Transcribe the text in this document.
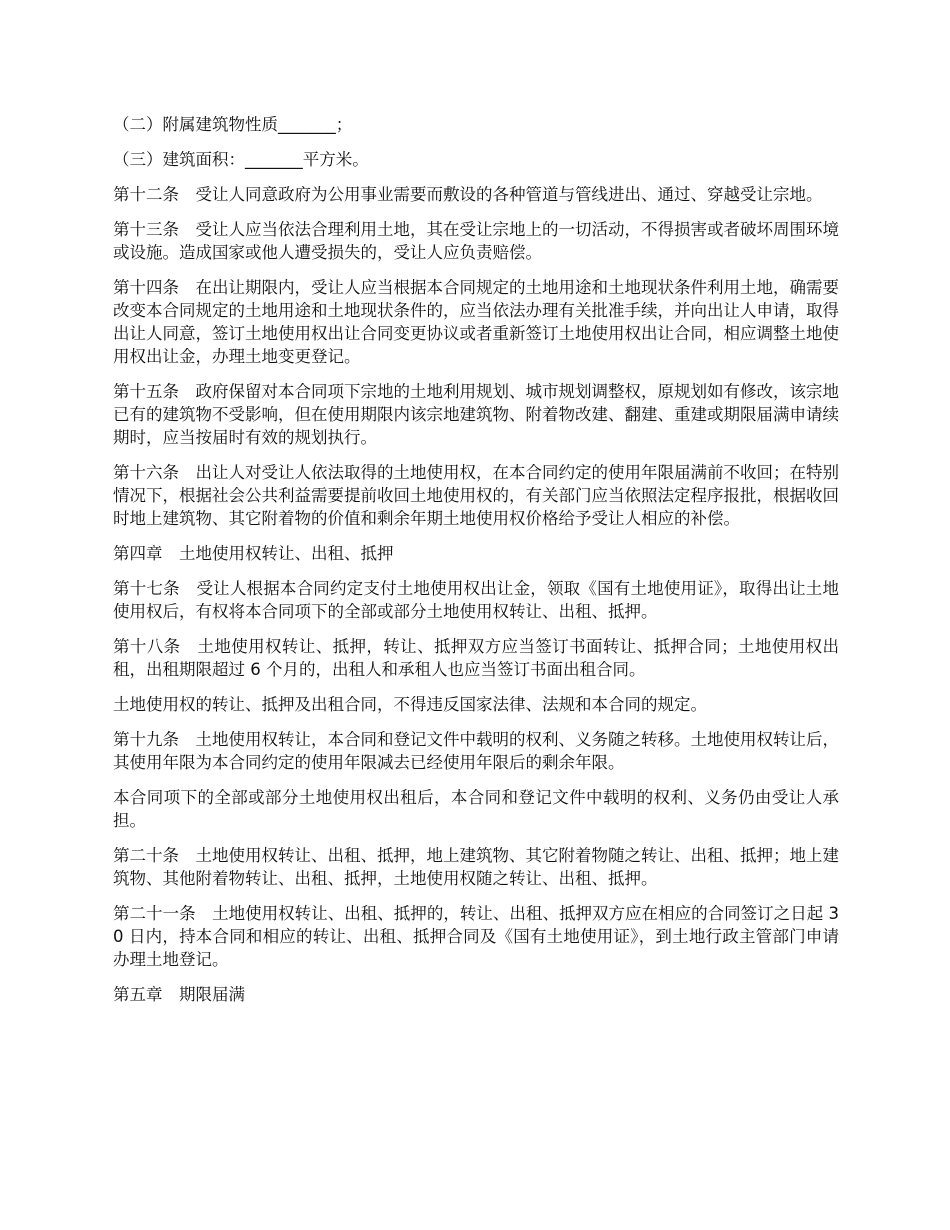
（二）附属建筑物性质_______；

（三）建筑面积：_______平方米。

第十二条　受让人同意政府为公用事业需要而敷设的各种管道与管线进出、通过、穿越受让宗地。

第十三条　受让人应当依法合理利用土地，其在受让宗地上的一切活动，不得损害或者破坏周围环境或设施。造成国家或他人遭受损失的，受让人应负责赔偿。

第十四条　在出让期限内，受让人应当根据本合同规定的土地用途和土地现状条件利用土地，确需要改变本合同规定的土地用途和土地现状条件的，应当依法办理有关批准手续，并向出让人申请，取得出让人同意，签订土地使用权出让合同变更协议或者重新签订土地使用权出让合同，相应调整土地使用权出让金，办理土地变更登记。

第十五条　政府保留对本合同项下宗地的土地利用规划、城市规划调整权，原规划如有修改，该宗地已有的建筑物不受影响，但在使用期限内该宗地建筑物、附着物改建、翻建、重建或期限届满申请续期时，应当按届时有效的规划执行。

第十六条　出让人对受让人依法取得的土地使用权，在本合同约定的使用年限届满前不收回；在特别情况下，根据社会公共利益需要提前收回土地使用权的，有关部门应当依照法定程序报批，根据收回时地上建筑物、其它附着物的价值和剩余年期土地使用权价格给予受让人相应的补偿。

第四章　土地使用权转让、出租、抵押

第十七条　受让人根据本合同约定支付土地使用权出让金，领取《国有土地使用证》，取得出让土地使用权后，有权将本合同项下的全部或部分土地使用权转让、出租、抵押。

第十八条　土地使用权转让、抵押，转让、抵押双方应当签订书面转让、抵押合同；土地使用权出租，出租期限超过 6 个月的，出租人和承租人也应当签订书面出租合同。

土地使用权的转让、抵押及出租合同，不得违反国家法律、法规和本合同的规定。

第十九条　土地使用权转让，本合同和登记文件中载明的权利、义务随之转移。土地使用权转让后，其使用年限为本合同约定的使用年限减去已经使用年限后的剩余年限。

本合同项下的全部或部分土地使用权出租后，本合同和登记文件中载明的权利、义务仍由受让人承担。

第二十条　土地使用权转让、出租、抵押，地上建筑物、其它附着物随之转让、出租、抵押；地上建筑物、其他附着物转让、出租、抵押，土地使用权随之转让、出租、抵押。

第二十一条　土地使用权转让、出租、抵押的，转让、出租、抵押双方应在相应的合同签订之日起 30 日内，持本合同和相应的转让、出租、抵押合同及《国有土地使用证》，到土地行政主管部门申请办理土地登记。

第五章　期限届满
